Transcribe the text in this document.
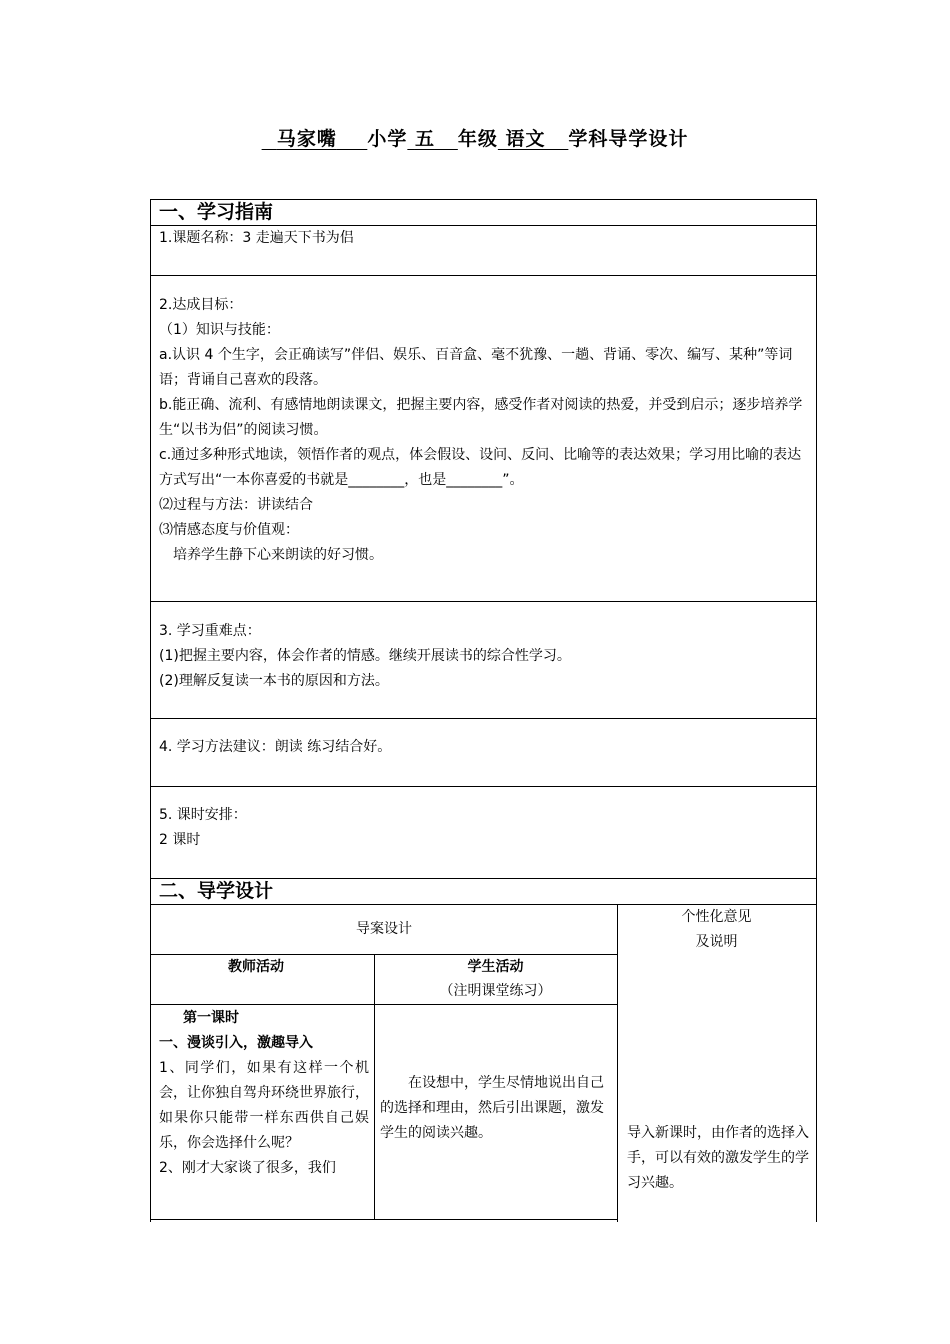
马家嘴 小学 五 年级 语文 学科导学设计
一、学习指南
1.课题名称：3 走遍天下书为侣

2.达成目标：

（1）知识与技能：

a.认识 4 个生字，会正确读写”伴侣、娱乐、百音盒、毫不犹豫、一趟、背诵、零次、编写、某种”等词语；背诵自己喜欢的段落。

b.能正确、流利、有感情地朗读课文，把握主要内容，感受作者对阅读的热爱，并受到启示；逐步培养学生“以书为侣”的阅读习惯。

c.通过多种形式地读，领悟作者的观点，体会假设、设问、反问、比喻等的表达效果；学习用比喻的表达方式写出“一本你喜爱的书就是________，也是________”。

⑵过程与方法：讲读结合

⑶情感态度与价值观：

培养学生静下心来朗读的好习惯。

3. 学习重难点：

(1)把握主要内容，体会作者的情感。继续开展读书的综合性学习。

(2)理解反复读一本书的原因和方法。

4. 学习方法建议：朗读 练习结合好。

5. 课时安排：

2 课时

二、导学设计
导案设计
个性化意见
及说明
教师活动	学生活动
（注明课堂练习）
第一课时
一、漫谈引入，激趣导入
1、同学们，如果有这样一个机会，让你独自驾舟环绕世界旅行，如果你只能带一样东西供自己娱乐，你会选择什么呢？
2、刚才大家谈了很多，我们
在设想中，学生尽情地说出自己的选择和理由，然后引出课题，激发学生的阅读兴趣。	导入新课时，由作者的选择入手，可以有效的激发学生的学习兴趣。
